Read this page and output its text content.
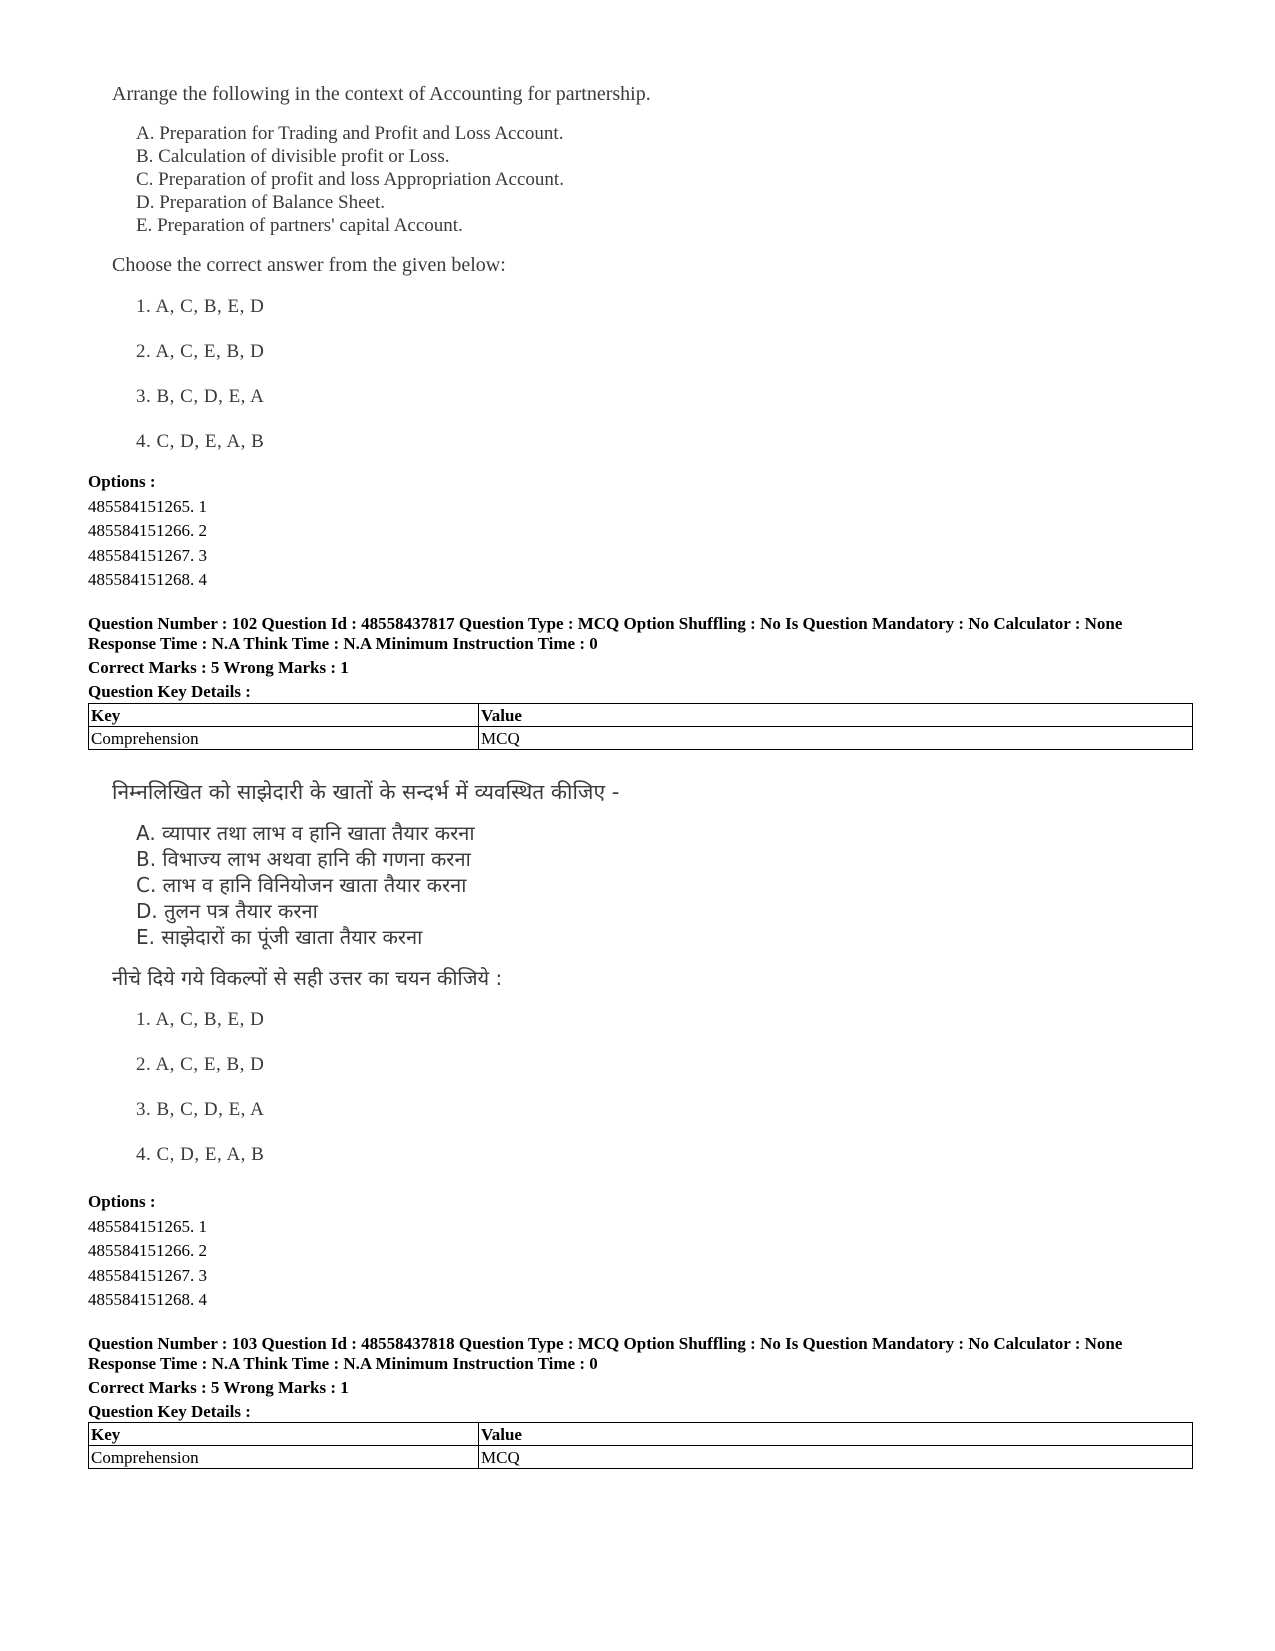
Arrange the following in the context of Accounting for partnership.
A. Preparation for Trading and Profit and Loss Account.
B. Calculation of divisible profit or Loss.
C. Preparation of profit and loss Appropriation Account.
D. Preparation of Balance Sheet.
E. Preparation of partners' capital Account.
Choose the correct answer from the given below:
1. A, C, B, E, D
2. A, C, E, B, D
3. B, C, D, E, A
4. C, D, E, A, B
Options :
485584151265. 1
485584151266. 2
485584151267. 3
485584151268. 4
Question Number : 102 Question Id : 48558437817 Question Type : MCQ Option Shuffling : No Is Question Mandatory : No Calculator : None
Response Time : N.A Think Time : N.A Minimum Instruction Time : 0
Correct Marks : 5 Wrong Marks : 1
Question Key Details :
Key	Value
Comprehension	MCQ
निम्नलिखित को साझेदारी के खातों के सन्दर्भ में व्यवस्थित कीजिए -
A. व्यापार तथा लाभ व हानि खाता तैयार करना
B. विभाज्य लाभ अथवा हानि की गणना करना
C. लाभ व हानि विनियोजन खाता तैयार करना
D. तुलन पत्र तैयार करना
E. साझेदारों का पूंजी खाता तैयार करना
नीचे दिये गये विकल्पों से सही उत्तर का चयन कीजिये :
1. A, C, B, E, D
2. A, C, E, B, D
3. B, C, D, E, A
4. C, D, E, A, B
Options :
485584151265. 1
485584151266. 2
485584151267. 3
485584151268. 4
Question Number : 103 Question Id : 48558437818 Question Type : MCQ Option Shuffling : No Is Question Mandatory : No Calculator : None
Response Time : N.A Think Time : N.A Minimum Instruction Time : 0
Correct Marks : 5 Wrong Marks : 1
Question Key Details :
Key	Value
Comprehension	MCQ
